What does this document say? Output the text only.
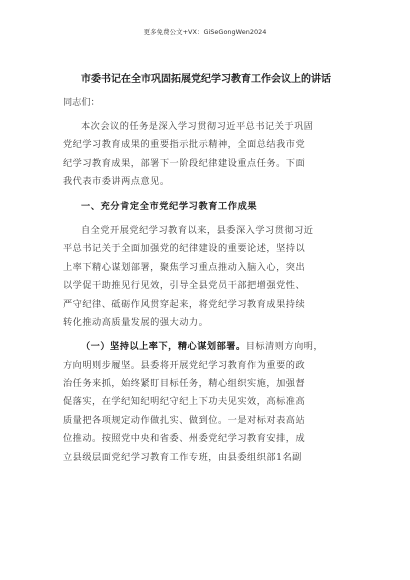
更多免费公文+VX：GiSeGongWen2024
市委书记在全市巩固拓展党纪学习教育工作会议上的讲话
同志们：
本次会议的任务是深入学习贯彻习近平总书记关于巩固
党纪学习教育成果的重要指示批示精神，全面总结我市党
纪学习教育成果，部署下一阶段纪律建设重点任务。下面
我代表市委讲两点意见。
一、充分肯定全市党纪学习教育工作成果
自全党开展党纪学习教育以来，县委深入学习贯彻习近
平总书记关于全面加强党的纪律建设的重要论述，坚持以
上率下精心谋划部署，聚焦学习重点推动入脑入心，突出
以学促干助推见行见效，引导全县党员干部把增强党性、
严守纪律、砥砺作风贯穿起来，将党纪学习教育成果持续
转化推动高质量发展的强大动力。
（一）坚持以上率下，精心谋划部署。目标清则方向明，
方向明则步履坚。县委将开展党纪学习教育作为重要的政
治任务来抓，始终紧盯目标任务，精心组织实施，加强督
促落实，在学纪知纪明纪守纪上下功夫见实效，高标准高
质量把各项规定动作做扎实、做到位。一是对标对表高站
位推动。按照党中央和省委、州委党纪学习教育安排，成
立县级层面党纪学习教育工作专班，由县委组织部1名副
